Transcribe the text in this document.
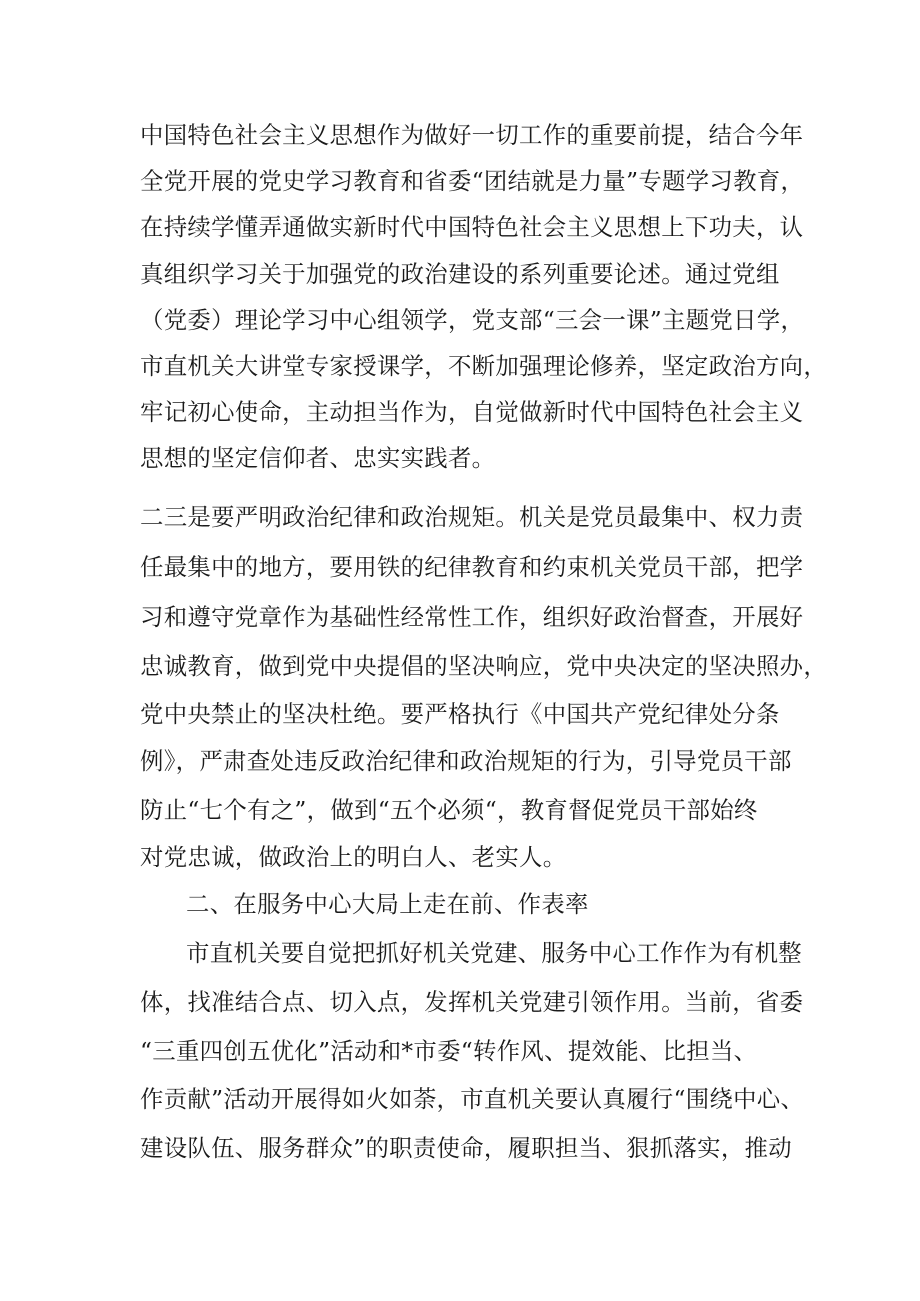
中国特色社会主义思想作为做好一切工作的重要前提，结合今年
全党开展的党史学习教育和省委“团结就是力量”专题学习教育，
在持续学懂弄通做实新时代中国特色社会主义思想上下功夫，认
真组织学习关于加强党的政治建设的系列重要论述。通过党组
（党委）理论学习中心组领学，党支部“三会一课”主题党日学，
市直机关大讲堂专家授课学，不断加强理论修养，坚定政治方向，
牢记初心使命，主动担当作为，自觉做新时代中国特色社会主义
思想的坚定信仰者、忠实实践者。
二三是要严明政治纪律和政治规矩。机关是党员最集中、权力责
任最集中的地方，要用铁的纪律教育和约束机关党员干部，把学
习和遵守党章作为基础性经常性工作，组织好政治督查，开展好
忠诚教育，做到党中央提倡的坚决响应，党中央决定的坚决照办，
党中央禁止的坚决杜绝。要严格执行《中国共产党纪律处分条
例》，严肃查处违反政治纪律和政治规矩的行为，引导党员干部
防止“七个有之”，做到“五个必须“，教育督促党员干部始终
对党忠诚，做政治上的明白人、老实人。
二、在服务中心大局上走在前、作表率
市直机关要自觉把抓好机关党建、服务中心工作作为有机整
体，找准结合点、切入点，发挥机关党建引领作用。当前，省委
“三重四创五优化”活动和*市委“转作风、提效能、比担当、
作贡献”活动开展得如火如荼，市直机关要认真履行“围绕中心、
建设队伍、服务群众”的职责使命，履职担当、狠抓落实，推动
